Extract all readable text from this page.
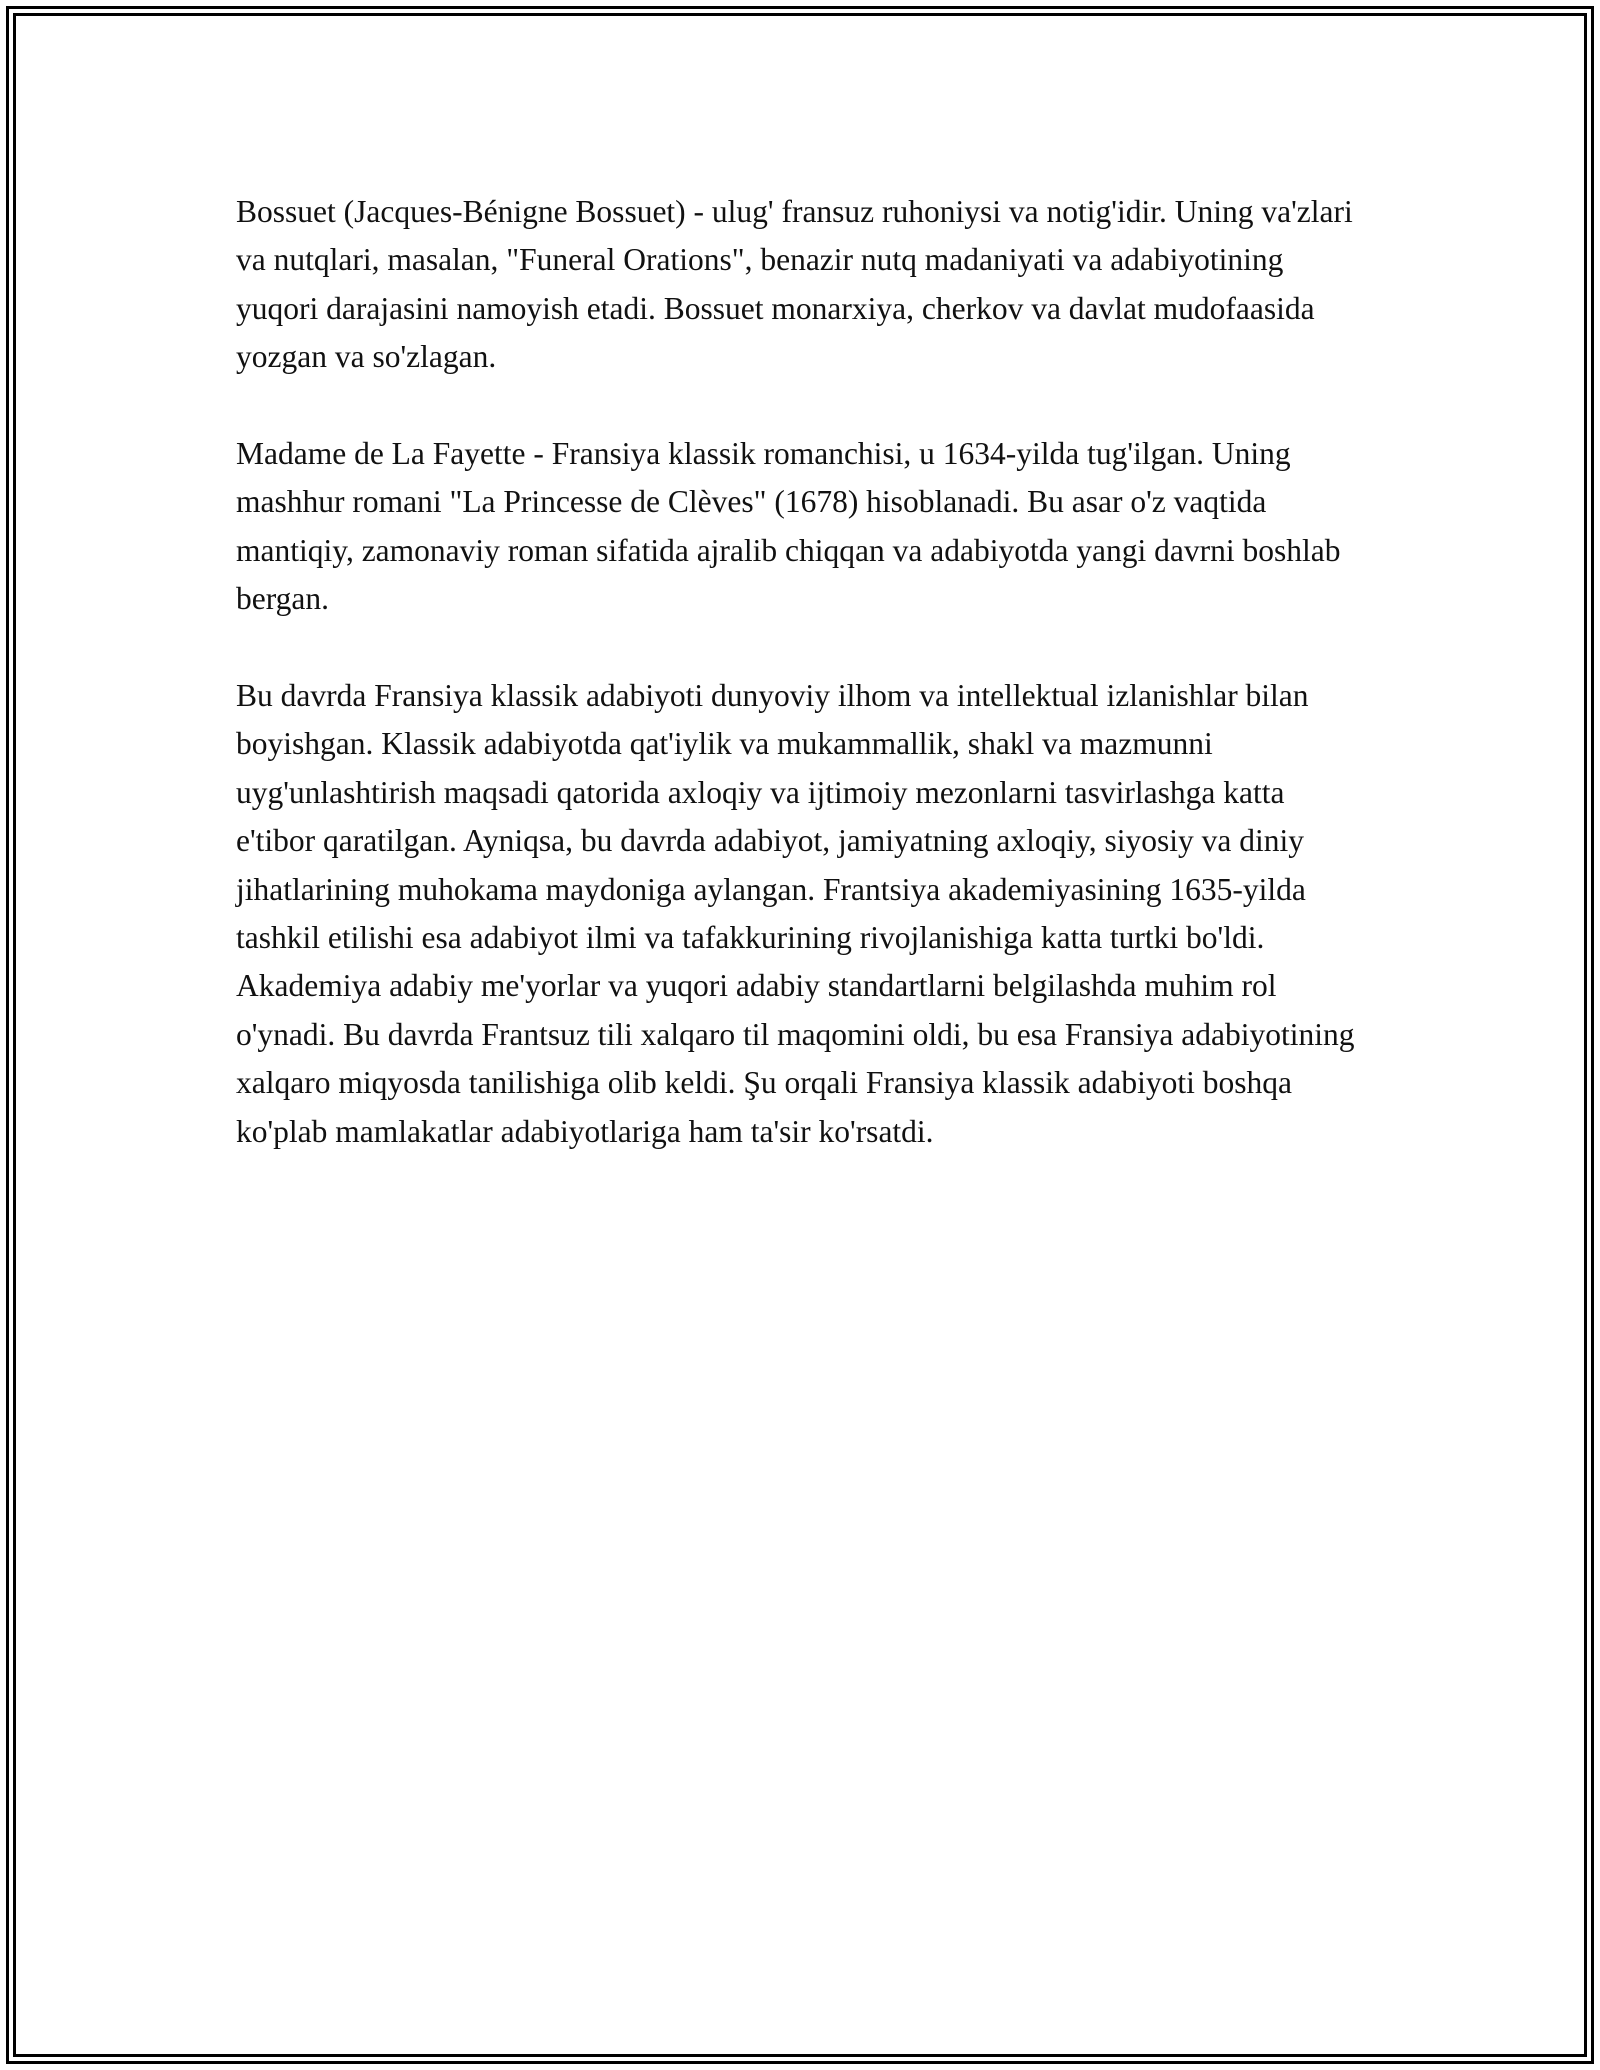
Bossuet (Jacques-Bénigne Bossuet) - ulug' fransuz ruhoniysi va notig'idir. Uning va'zlari va nutqlari, masalan, "Funeral Orations", benazir nutq madaniyati va adabiyotining yuqori darajasini namoyish etadi. Bossuet monarxiya, cherkov va davlat mudofaasida yozgan va so'zlagan.

Madame de La Fayette - Fransiya klassik romanchisi, u 1634-yilda tug'ilgan. Uning mashhur romani "La Princesse de Clèves" (1678) hisoblanadi. Bu asar o'z vaqtida mantiqiy, zamonaviy roman sifatida ajralib chiqqan va adabiyotda yangi davrni boshlab bergan.

Bu davrda Fransiya klassik adabiyoti dunyoviy ilhom va intellektual izlanishlar bilan boyishgan. Klassik adabiyotda qat'iylik va mukammallik, shakl va mazmunni uyg'unlashtirish maqsadi qatorida axloqiy va ijtimoiy mezonlarni tasvirlashga katta e'tibor qaratilgan. Ayniqsa, bu davrda adabiyot, jamiyatning axloqiy, siyosiy va diniy jihatlarining muhokama maydoniga aylangan. Frantsiya akademiyasining 1635-yilda tashkil etilishi esa adabiyot ilmi va tafakkurining rivojlanishiga katta turtki bo'ldi. Akademiya adabiy me'yorlar va yuqori adabiy standartlarni belgilashda muhim rol o'ynadi. Bu davrda Frantsuz tili xalqaro til maqomini oldi, bu esa Fransiya adabiyotining xalqaro miqyosda tanilishiga olib keldi. Şu orqali Fransiya klassik adabiyoti boshqa ko'plab mamlakatlar adabiyotlariga ham ta'sir ko'rsatdi.
